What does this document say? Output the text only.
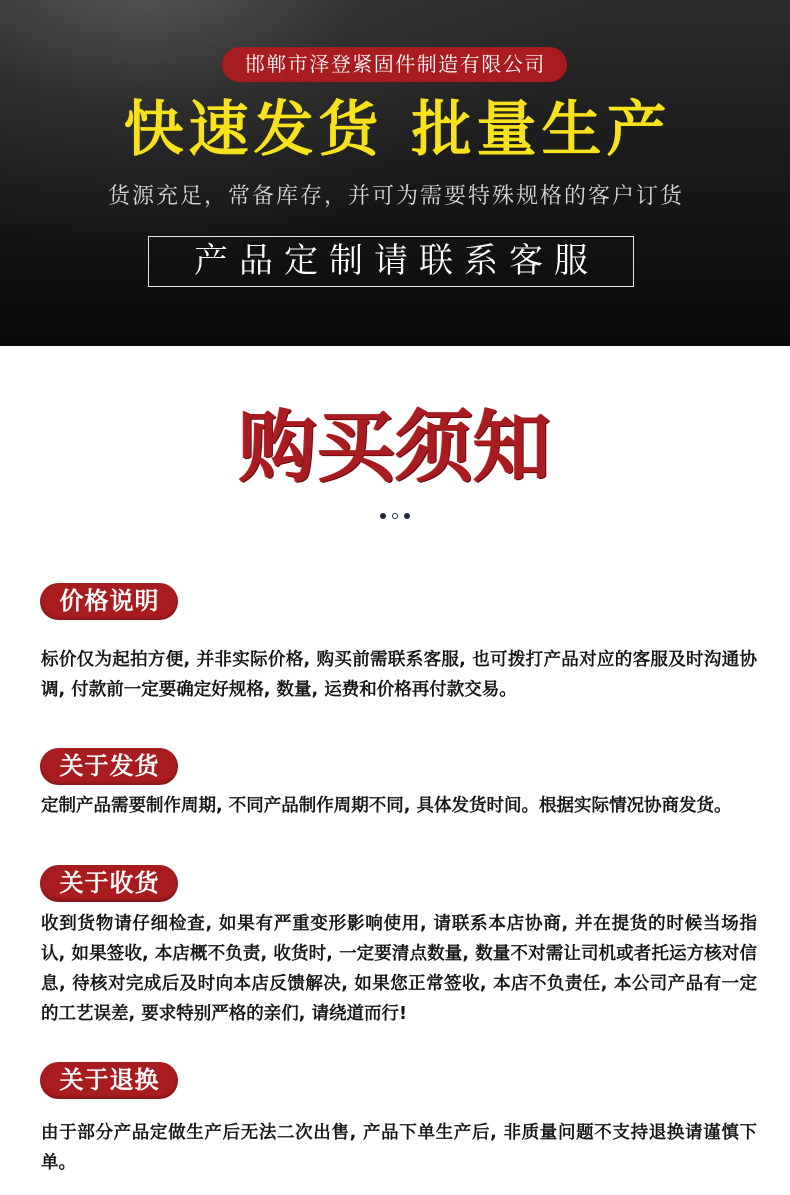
邯郸市泽登紧固件制造有限公司
快速发货 批量生产
货源充足，常备库存，并可为需要特殊规格的客户订货
产品定制请联系客服
购买须知
价格说明
标价仅为起拍方便, 并非实际价格, 购买前需联系客服, 也可拨打产品对应的客服及时沟通协
调, 付款前一定要确定好规格, 数量, 运费和价格再付款交易。
关于发货
定制产品需要制作周期, 不同产品制作周期不同, 具体发货时间。根据实际情况协商发货。
关于收货
收到货物请仔细检查, 如果有严重变形影响使用, 请联系本店协商, 并在提货的时候当场指
认, 如果签收, 本店概不负责, 收货时, 一定要清点数量, 数量不对需让司机或者托运方核对信
息, 待核对完成后及时向本店反馈解决, 如果您正常签收, 本店不负责任, 本公司产品有一定
的工艺误差, 要求特别严格的亲们, 请绕道而行!
关于退换
由于部分产品定做生产后无法二次出售, 产品下单生产后, 非质量问题不支持退换请谨慎下
单。
